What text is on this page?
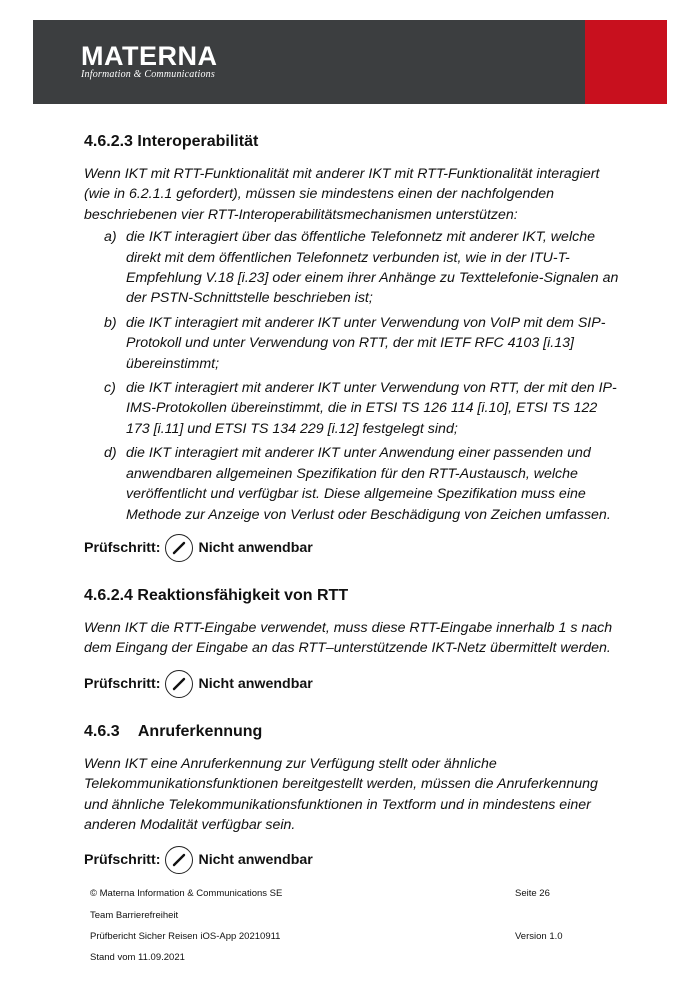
MATERNA
Information & Communications
4.6.2.3 Interoperabilität

Wenn IKT mit RTT-Funktionalität mit anderer IKT mit RTT-Funktionalität interagiert (wie in 6.2.1.1 gefordert), müssen sie mindestens einen der nachfolgenden beschriebenen vier RTT-Interoperabilitätsmechanismen unterstützen:

a) die IKT interagiert über das öffentliche Telefonnetz mit anderer IKT, welche direkt mit dem öffentlichen Telefonnetz verbunden ist, wie in der ITU-T-Empfehlung V.18 [i.23] oder einem ihrer Anhänge zu Texttelefonie-Signalen an der PSTN-Schnittstelle beschrieben ist;
b) die IKT interagiert mit anderer IKT unter Verwendung von VoIP mit dem SIP-Protokoll und unter Verwendung von RTT, der mit IETF RFC 4103 [i.13] übereinstimmt;
c) die IKT interagiert mit anderer IKT unter Verwendung von RTT, der mit den IP-IMS-Protokollen übereinstimmt, die in ETSI TS 126 114 [i.10], ETSI TS 122 173 [i.11] und ETSI TS 134 229 [i.12] festgelegt sind;
d) die IKT interagiert mit anderer IKT unter Anwendung einer passenden und anwendbaren allgemeinen Spezifikation für den RTT-Austausch, welche veröffentlicht und verfügbar ist. Diese allgemeine Spezifikation muss eine Methode zur Anzeige von Verlust oder Beschädigung von Zeichen umfassen.
Prüfschritt:	Nicht anwendbar
4.6.2.4 Reaktionsfähigkeit von RTT

Wenn IKT die RTT-Eingabe verwendet, muss diese RTT-Eingabe innerhalb 1 s nach dem Eingang der Eingabe an das RTT–unterstützende IKT-Netz übermittelt werden.

Prüfschritt:	Nicht anwendbar
4.6.3 Anruferkennung

Wenn IKT eine Anruferkennung zur Verfügung stellt oder ähnliche Telekommunikationsfunktionen bereitgestellt werden, müssen die Anruferkennung und ähnliche Telekommunikationsfunktionen in Textform und in mindestens einer anderen Modalität verfügbar sein.

Prüfschritt:	Nicht anwendbar
© Materna Information & Communications SE	Seite 26
Team Barrierefreiheit
Prüfbericht Sicher Reisen iOS-App 20210911	Version 1.0
Stand vom 11.09.2021
